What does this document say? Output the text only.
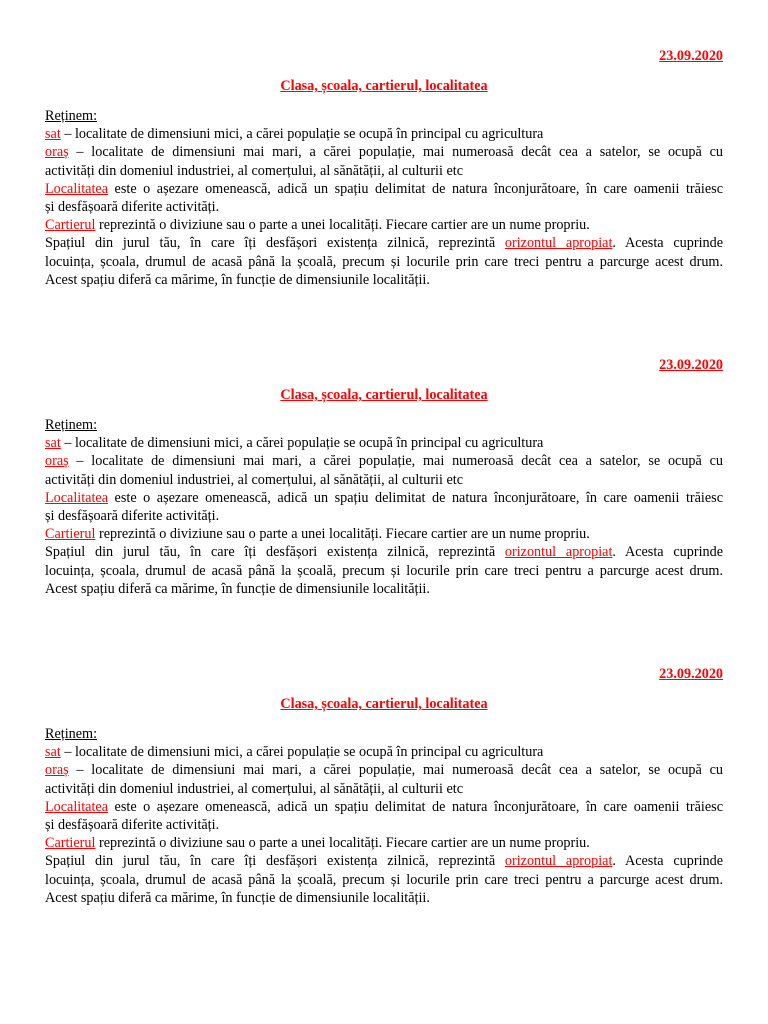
23.09.2020
Clasa, școala, cartierul, localitatea
Reținem:
sat – localitate de dimensiuni mici, a cărei populație se ocupă în principal cu agricultura
oraș – localitate de dimensiuni mai mari, a cărei populație, mai numeroasă decât cea a satelor, se ocupă cu
activități din domeniul industriei, al comerțului, al sănătății, al culturii etc
Localitatea este o așezare omenească, adică un spațiu delimitat de natura înconjurătoare, în care oamenii trăiesc
și desfășoară diferite activități.
Cartierul reprezintă o diviziune sau o parte a unei localități. Fiecare cartier are un nume propriu.
Spațiul din jurul tău, în care îți desfășori existența zilnică, reprezintă orizontul apropiat. Acesta cuprinde
locuința, școala, drumul de acasă până la școală, precum și locurile prin care treci pentru a parcurge acest drum.
Acest spațiu diferă ca mărime, în funcție de dimensiunile localității.
23.09.2020
Clasa, școala, cartierul, localitatea
Reținem:
sat – localitate de dimensiuni mici, a cărei populație se ocupă în principal cu agricultura
oraș – localitate de dimensiuni mai mari, a cărei populație, mai numeroasă decât cea a satelor, se ocupă cu
activități din domeniul industriei, al comerțului, al sănătății, al culturii etc
Localitatea este o așezare omenească, adică un spațiu delimitat de natura înconjurătoare, în care oamenii trăiesc
și desfășoară diferite activități.
Cartierul reprezintă o diviziune sau o parte a unei localități. Fiecare cartier are un nume propriu.
Spațiul din jurul tău, în care îți desfășori existența zilnică, reprezintă orizontul apropiat. Acesta cuprinde
locuința, școala, drumul de acasă până la școală, precum și locurile prin care treci pentru a parcurge acest drum.
Acest spațiu diferă ca mărime, în funcție de dimensiunile localității.
23.09.2020
Clasa, școala, cartierul, localitatea
Reținem:
sat – localitate de dimensiuni mici, a cărei populație se ocupă în principal cu agricultura
oraș – localitate de dimensiuni mai mari, a cărei populație, mai numeroasă decât cea a satelor, se ocupă cu
activități din domeniul industriei, al comerțului, al sănătății, al culturii etc
Localitatea este o așezare omenească, adică un spațiu delimitat de natura înconjurătoare, în care oamenii trăiesc
și desfășoară diferite activități.
Cartierul reprezintă o diviziune sau o parte a unei localități. Fiecare cartier are un nume propriu.
Spațiul din jurul tău, în care îți desfășori existența zilnică, reprezintă orizontul apropiat. Acesta cuprinde
locuința, școala, drumul de acasă până la școală, precum și locurile prin care treci pentru a parcurge acest drum.
Acest spațiu diferă ca mărime, în funcție de dimensiunile localității.
